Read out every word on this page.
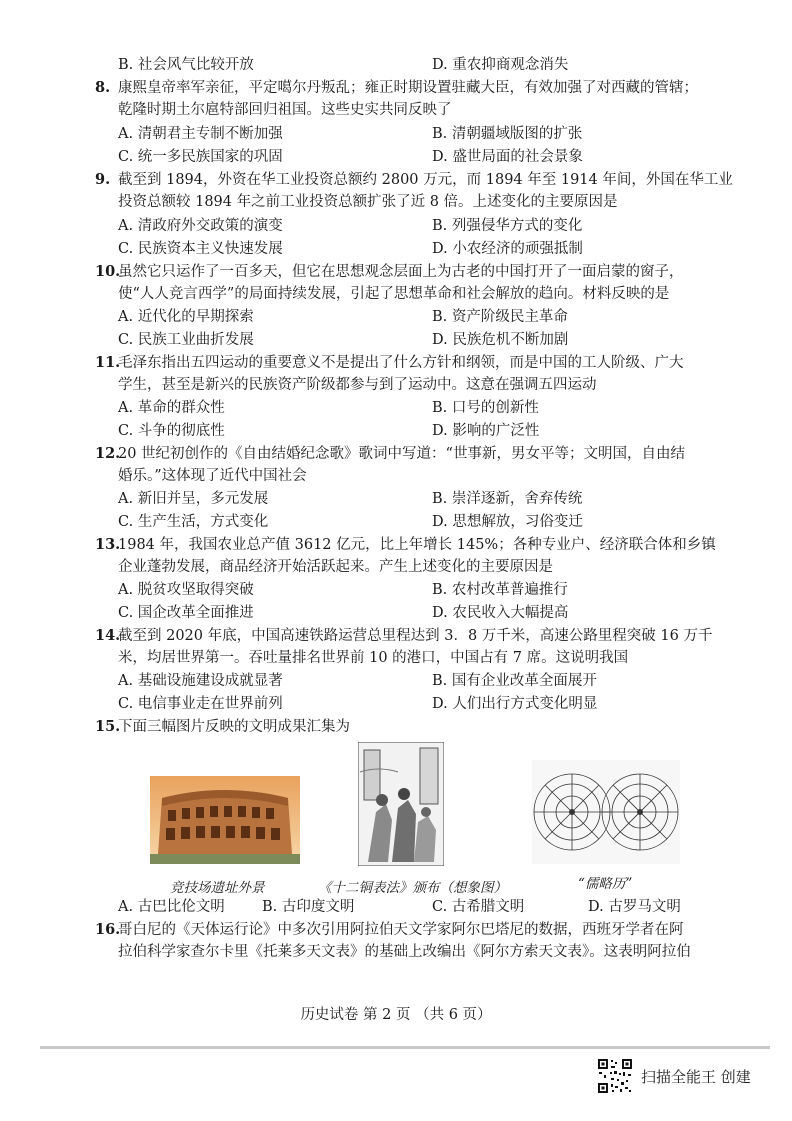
B. 社会风气比较开放	D. 重农抑商观念消失
8. 康熙皇帝率军亲征，平定噶尔丹叛乱；雍正时期设置驻藏大臣，有效加强了对西藏的管辖；
乾隆时期土尔扈特部回归祖国。这些史实共同反映了
A. 清朝君主专制不断加强	B. 清朝疆域版图的扩张
C. 统一多民族国家的巩固	D. 盛世局面的社会景象
9. 截至到 1894，外资在华工业投资总额约 2800 万元，而 1894 年至 1914 年间，外国在华工业
投资总额较 1894 年之前工业投资总额扩张了近 8 倍。上述变化的主要原因是
A. 清政府外交政策的演变	B. 列强侵华方式的变化
C. 民族资本主义快速发展	D. 小农经济的顽强抵制
10.
虽然它只运作了一百多天，但它在思想观念层面上为古老的中国打开了一面启蒙的窗子，
使“人人竞言西学”的局面持续发展，引起了思想革命和社会解放的趋向。材料反映的是
A. 近代化的早期探索	B. 资产阶级民主革命
C. 民族工业曲折发展	D. 民族危机不断加剧
11.
毛泽东指出五四运动的重要意义不是提出了什么方针和纲领，而是中国的工人阶级、广大
学生，甚至是新兴的民族资产阶级都参与到了运动中。这意在强调五四运动
A. 革命的群众性	B. 口号的创新性
C. 斗争的彻底性	D. 影响的广泛性
12.
20 世纪初创作的《自由结婚纪念歌》歌词中写道：“世事新，男女平等；文明国，自由结
婚乐。”这体现了近代中国社会
A. 新旧并呈，多元发展	B. 崇洋逐新，舍弃传统
C. 生产生活，方式变化	D. 思想解放，习俗变迁
13.
1984 年，我国农业总产值 3612 亿元，比上年增长 145%；各种专业户、经济联合体和乡镇
企业蓬勃发展，商品经济开始活跃起来。产生上述变化的主要原因是
A. 脱贫攻坚取得突破	B. 农村改革普遍推行
C. 国企改革全面推进	D. 农民收入大幅提高
14.
截至到 2020 年底，中国高速铁路运营总里程达到 3．8 万千米，高速公路里程突破 16 万千
米，均居世界第一。吞吐量排名世界前 10 的港口，中国占有 7 席。这说明我国
A. 基础设施建设成就显著	B. 国有企业改革全面展开
C. 电信事业走在世界前列	D. 人们出行方式变化明显
15.
下面三幅图片反映的文明成果汇集为
竞技场遗址外景	《十二铜表法》颁布（想象图）	“儒略历”
A. 古巴比伦文明	B. 古印度文明	C. 古希腊文明	D. 古罗马文明
16.
哥白尼的《天体运行论》中多次引用阿拉伯天文学家阿尔巴塔尼的数据，西班牙学者在阿
拉伯科学家查尔卡里《托莱多天文表》的基础上改编出《阿尔方索天文表》。这表明阿拉伯
历史试卷 第 2 页 （共 6 页）
扫描全能王 创建
